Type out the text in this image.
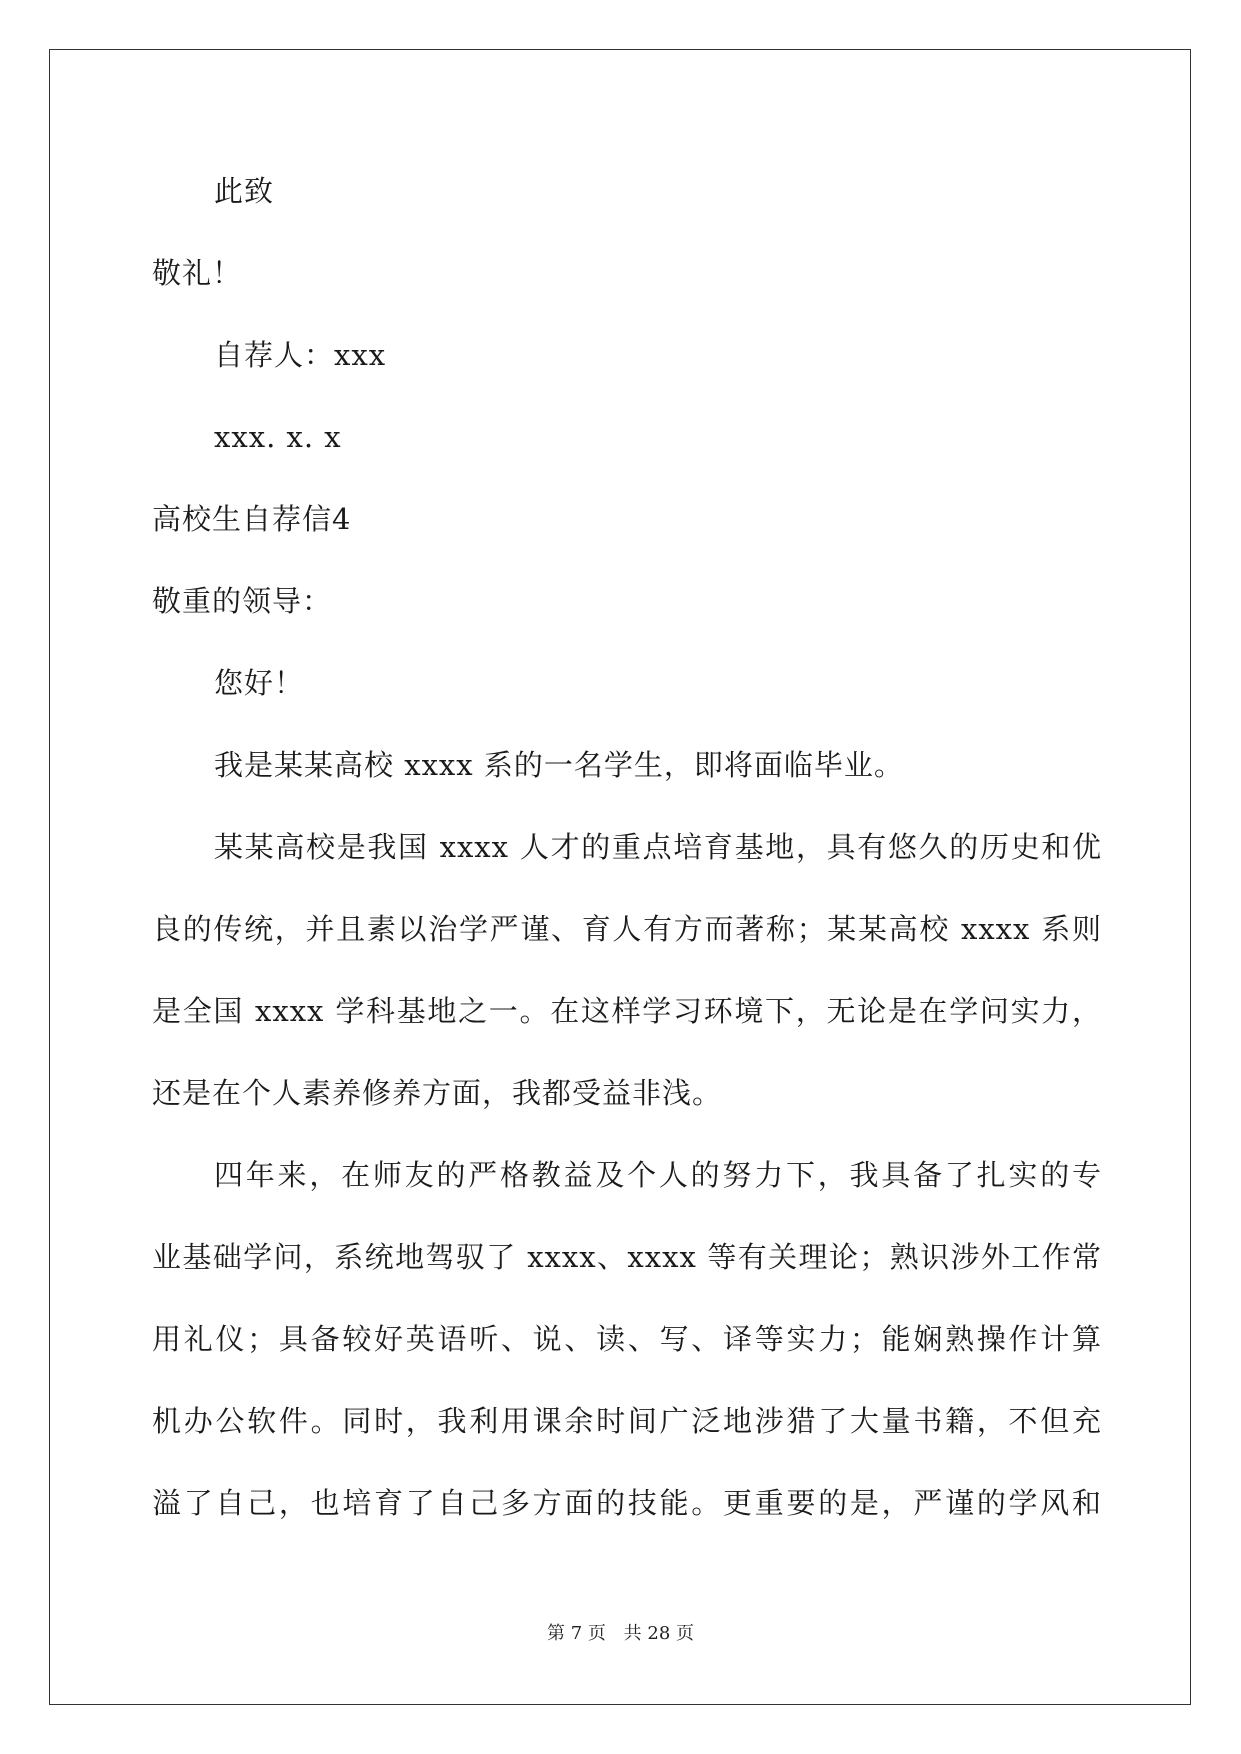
此致
敬礼！
自荐人：xxx
xxx. x. x
高校生自荐信4
敬重的领导：
您好！
我是某某高校 xxxx 系的一名学生，即将面临毕业。
某某高校是我国 xxxx 人才的重点培育基地，具有悠久的历史和优
良的传统，并且素以治学严谨、育人有方而著称；某某高校 xxxx 系则
是全国 xxxx 学科基地之一。在这样学习环境下，无论是在学问实力，
还是在个人素养修养方面，我都受益非浅。
四年来，在师友的严格教益及个人的努力下，我具备了扎实的专
业基础学问，系统地驾驭了 xxxx、xxxx 等有关理论；熟识涉外工作常
用礼仪；具备较好英语听、说、读、写、译等实力；能娴熟操作计算
机办公软件。同时，我利用课余时间广泛地涉猎了大量书籍，不但充
溢了自己，也培育了自己多方面的技能。更重要的是，严谨的学风和
第 7 页 共 28 页
